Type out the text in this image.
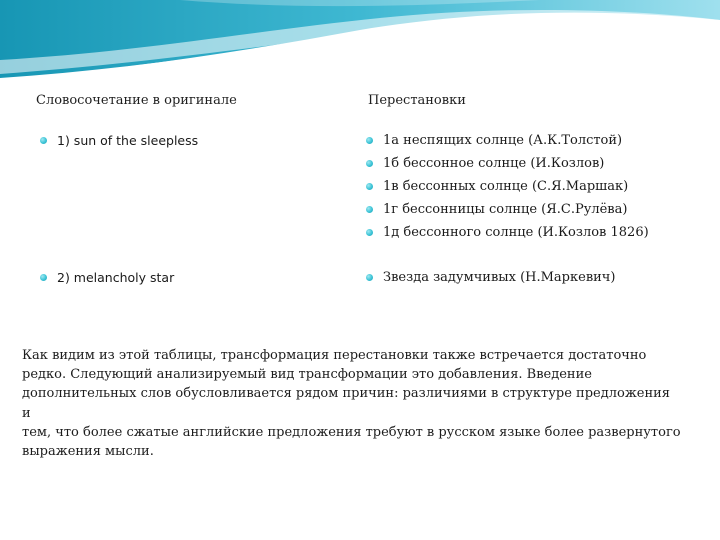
Словосочетание в оригинале	Перестановки
1) sun of the sleepless	1а неспящих солнце (А.К.Толстой)
1б бессонное солнце (И.Козлов)
1в бессонных солнце (С.Я.Маршак)
1г бессонницы солнце (Я.С.Рулёва)
1д бессонного солнце (И.Козлов 1826)
2) melancholy star	Звезда задумчивых (Н.Маркевич)

Как видим из этой таблицы, трансформация перестановки также встречается достаточно

редко. Следующий анализируемый вид трансформации это добавления. Введение

дополнительных слов обусловливается рядом причин: различиями в структуре предложения и

тем, что более сжатые английские предложения требуют в русском языке более развернутого

выражения мысли.
